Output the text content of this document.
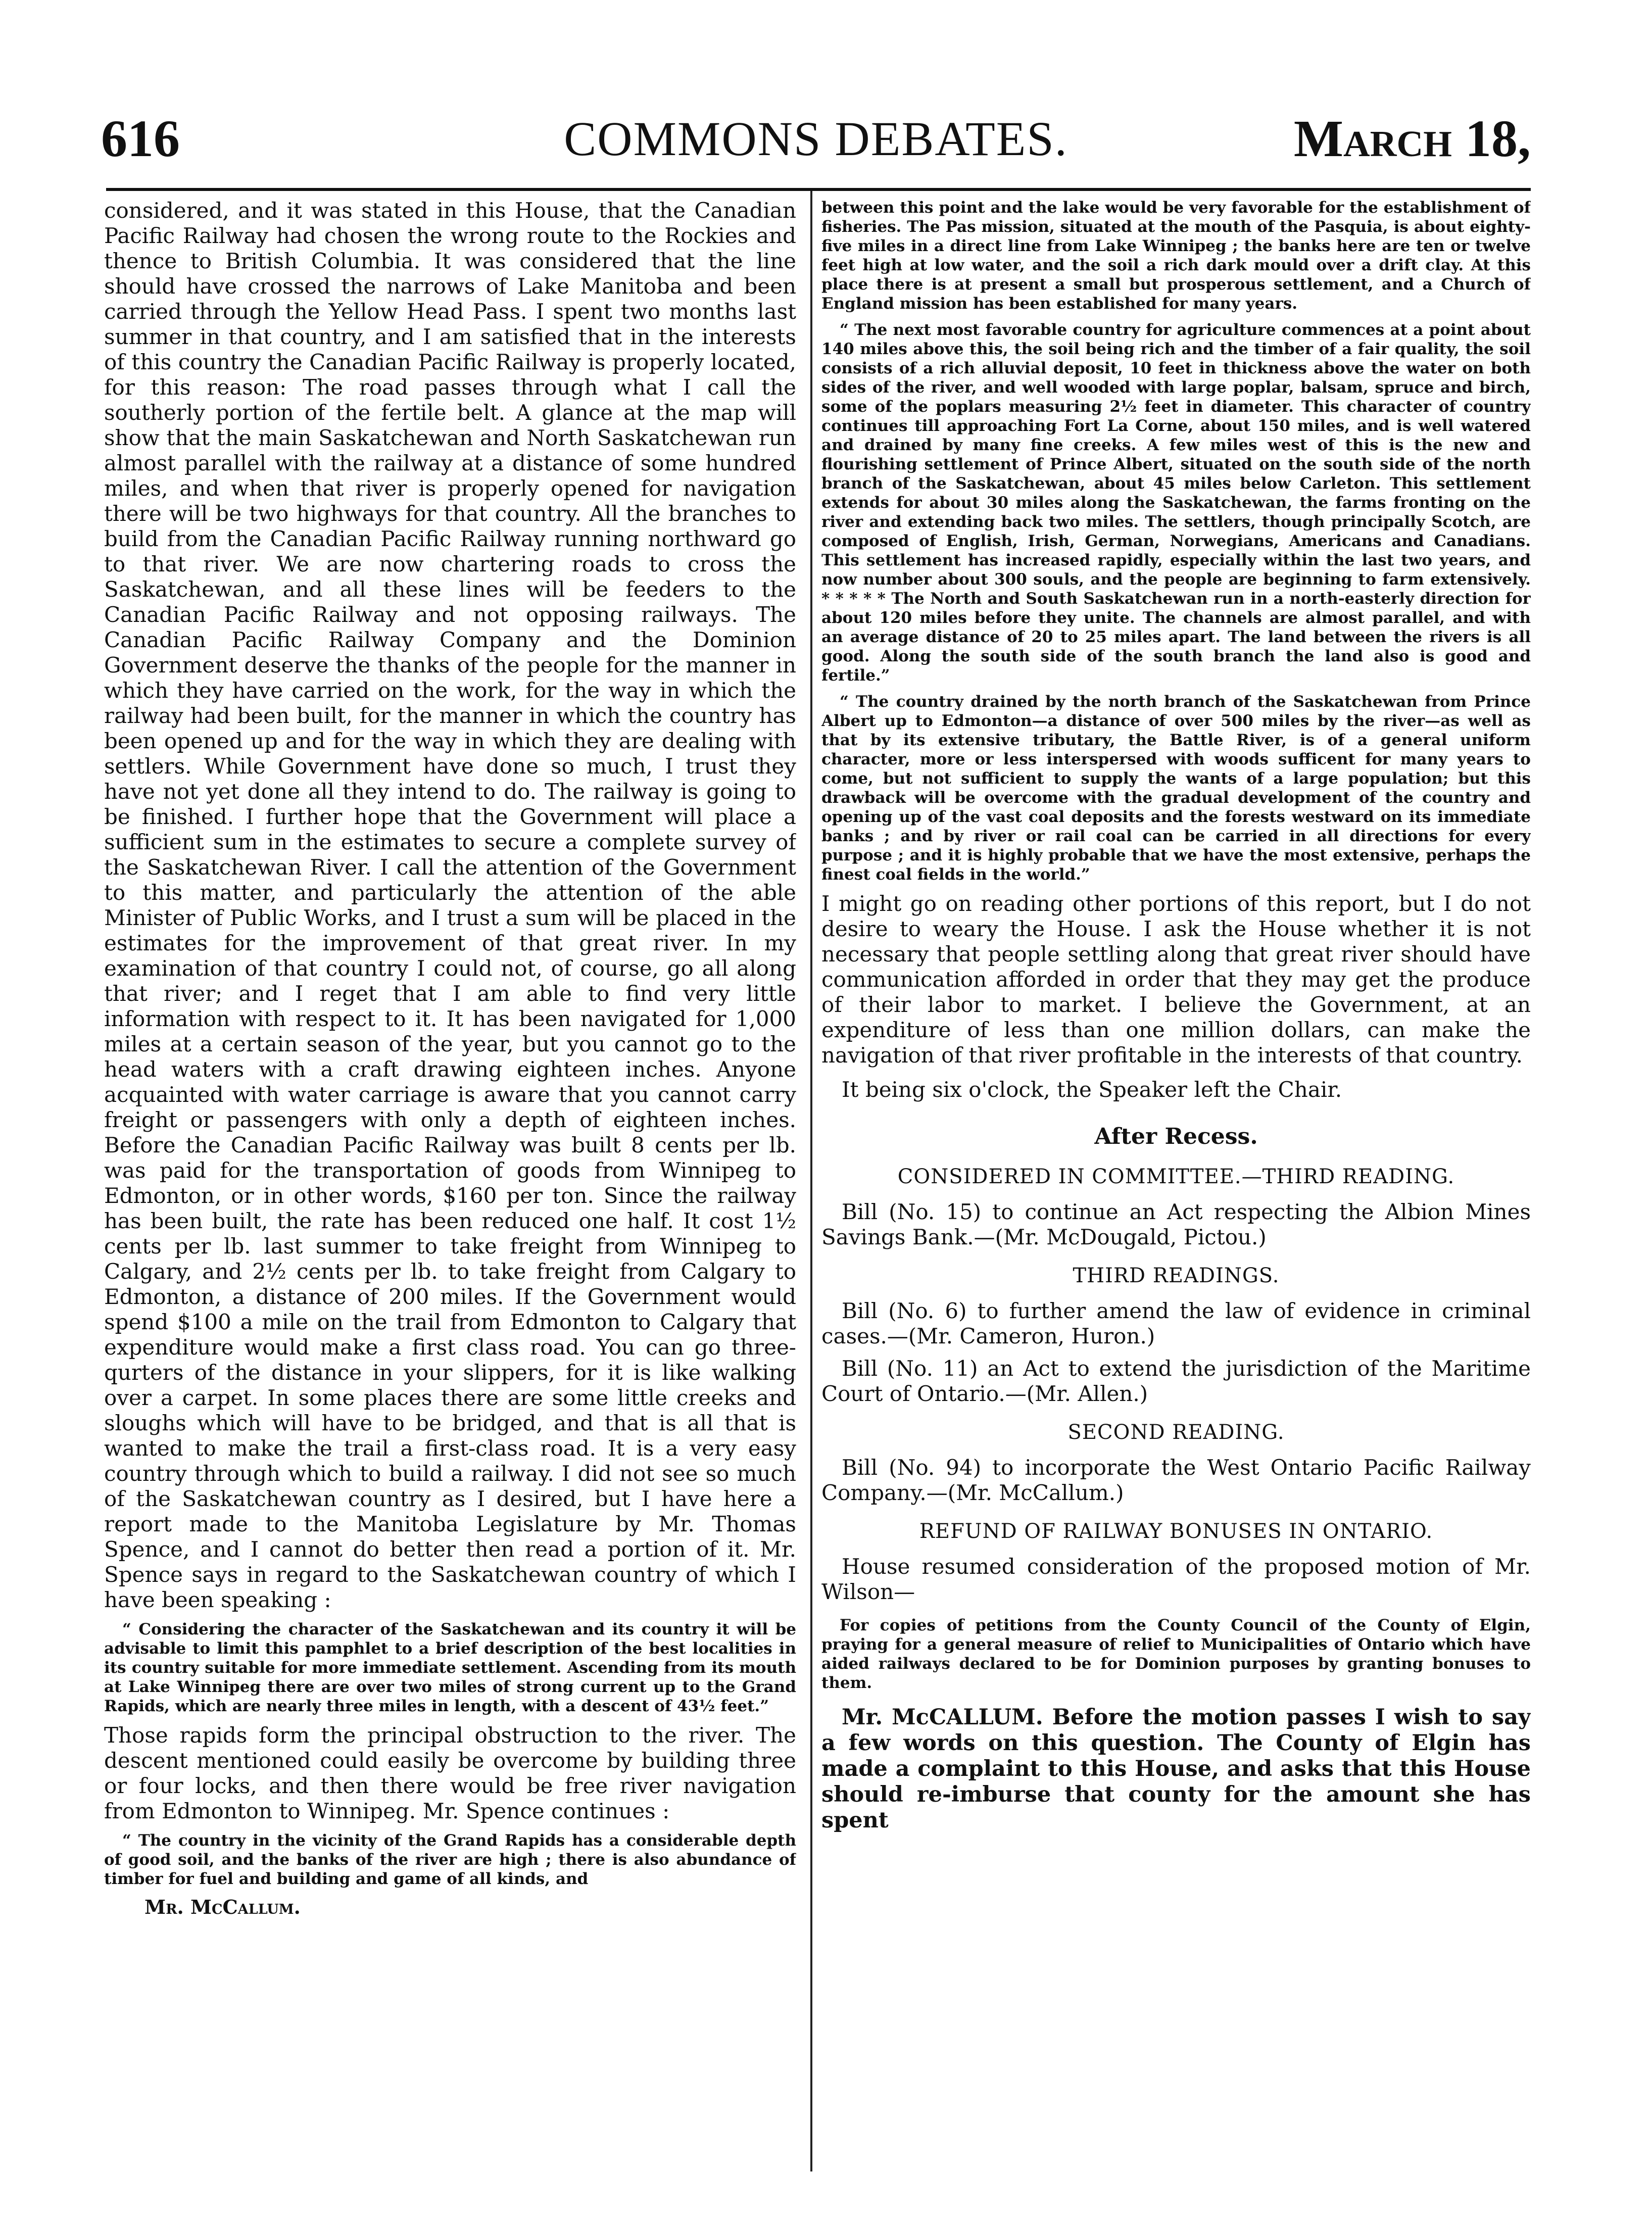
616	COMMONS DEBATES.	March 18,

considered, and it was stated in this House, that the Canadian Pacific Railway had chosen the wrong route to the Rockies and thence to British Columbia. It was considered that the line should have crossed the narrows of Lake Manitoba and been carried through the Yellow Head Pass. I spent two months last summer in that country, and I am satisfied that in the interests of this country the Canadian Pacific Railway is properly located, for this reason: The road passes through what I call the southerly portion of the fertile belt. A glance at the map will show that the main Saskatchewan and North Saskatchewan run almost parallel with the railway at a distance of some hundred miles, and when that river is properly opened for navigation there will be two highways for that country. All the branches to build from the Canadian Pacific Railway running northward go to that river. We are now chartering roads to cross the Saskatchewan, and all these lines will be feeders to the Canadian Pacific Railway and not opposing railways. The Canadian Pacific Railway Company and the Dominion Government deserve the thanks of the people for the manner in which they have carried on the work, for the way in which the railway had been built, for the manner in which the country has been opened up and for the way in which they are dealing with settlers. While Government have done so much, I trust they have not yet done all they intend to do. The railway is going to be finished. I further hope that the Government will place a sufficient sum in the estimates to secure a complete survey of the Saskatchewan River. I call the attention of the Government to this matter, and particularly the attention of the able Minister of Public Works, and I trust a sum will be placed in the estimates for the improvement of that great river. In my examination of that country I could not, of course, go all along that river; and I reget that I am able to find very little information with respect to it. It has been navigated for 1,000 miles at a certain season of the year, but you cannot go to the head waters with a craft drawing eighteen inches. Anyone acquainted with water carriage is aware that you cannot carry freight or passengers with only a depth of eighteen inches. Before the Canadian Pacific Railway was built 8 cents per lb. was paid for the transportation of goods from Winnipeg to Edmonton, or in other words, $160 per ton. Since the railway has been built, the rate has been reduced one half. It cost 1½ cents per lb. last summer to take freight from Winnipeg to Calgary, and 2½ cents per lb. to take freight from Calgary to Edmonton, a distance of 200 miles. If the Government would spend $100 a mile on the trail from Edmonton to Calgary that expenditure would make a first class road. You can go three-qurters of the distance in your slippers, for it is like walking over a carpet. In some places there are some little creeks and sloughs which will have to be bridged, and that is all that is wanted to make the trail a first-class road. It is a very easy country through which to build a railway. I did not see so much of the Saskatchewan country as I desired, but I have here a report made to the Manitoba Legislature by Mr. Thomas Spence, and I cannot do better then read a portion of it. Mr. Spence says in regard to the Saskatchewan country of which I have been speaking :

“ Considering the character of the Saskatchewan and its country it will be advisable to limit this pamphlet to a brief description of the best localities in its country suitable for more immediate settlement. Ascending from its mouth at Lake Winnipeg there are over two miles of strong current up to the Grand Rapids, which are nearly three miles in length, with a descent of 43½ feet.”

Those rapids form the principal obstruction to the river. The descent mentioned could easily be overcome by building three or four locks, and then there would be free river navigation from Edmonton to Winnipeg. Mr. Spence continues :

“ The country in the vicinity of the Grand Rapids has a considerable depth of good soil, and the banks of the river are high ; there is also abundance of timber for fuel and building and game of all kinds, and

Mr. McCallum.

between this point and the lake would be very favorable for the establishment of fisheries. The Pas mission, situated at the mouth of the Pasquia, is about eighty-five miles in a direct line from Lake Winnipeg ; the banks here are ten or twelve feet high at low water, and the soil a rich dark mould over a drift clay. At this place there is at present a small but prosperous settlement, and a Church of England mission has been established for many years.

“ The next most favorable country for agriculture commences at a point about 140 miles above this, the soil being rich and the timber of a fair quality, the soil consists of a rich alluvial deposit, 10 feet in thickness above the water on both sides of the river, and well wooded with large poplar, balsam, spruce and birch, some of the poplars measuring 2½ feet in diameter. This character of country continues till approaching Fort La Corne, about 150 miles, and is well watered and drained by many fine creeks. A few miles west of this is the new and flourishing settlement of Prince Albert, situated on the south side of the north branch of the Saskatchewan, about 45 miles below Carleton. This settlement extends for about 30 miles along the Saskatchewan, the farms fronting on the river and extending back two miles. The settlers, though principally Scotch, are composed of English, Irish, German, Norwegians, Americans and Canadians. This settlement has increased rapidly, especially within the last two years, and now number about 300 souls, and the people are beginning to farm extensively. * * * * * The North and South Saskatchewan run in a north-easterly direction for about 120 miles before they unite. The channels are almost parallel, and with an average distance of 20 to 25 miles apart. The land between the rivers is all good. Along the south side of the south branch the land also is good and fertile.”

“ The country drained by the north branch of the Saskatchewan from Prince Albert up to Edmonton—a distance of over 500 miles by the river—as well as that by its extensive tributary, the Battle River, is of a general uniform character, more or less interspersed with woods sufficent for many years to come, but not sufficient to supply the wants of a large population; but this drawback will be overcome with the gradual development of the country and opening up of the vast coal deposits and the forests westward on its immediate banks ; and by river or rail coal can be carried in all directions for every purpose ; and it is highly probable that we have the most extensive, perhaps the finest coal fields in the world.”

I might go on reading other portions of this report, but I do not desire to weary the House. I ask the House whether it is not necessary that people settling along that great river should have communication afforded in order that they may get the produce of their labor to market. I believe the Government, at an expenditure of less than one million dollars, can make the navigation of that river profitable in the interests of that country.

It being six o'clock, the Speaker left the Chair.

After Recess.
CONSIDERED IN COMMITTEE.—THIRD READING.

Bill (No. 15) to continue an Act respecting the Albion Mines Savings Bank.—(Mr. McDougald, Pictou.)

THIRD READINGS.

Bill (No. 6) to further amend the law of evidence in criminal cases.—(Mr. Cameron, Huron.)

Bill (No. 11) an Act to extend the jurisdiction of the Maritime Court of Ontario.—(Mr. Allen.)

SECOND READING.

Bill (No. 94) to incorporate the West Ontario Pacific Railway Company.—(Mr. McCallum.)

REFUND OF RAILWAY BONUSES IN ONTARIO.

House resumed consideration of the proposed motion of Mr. Wilson—

For copies of petitions from the County Council of the County of Elgin, praying for a general measure of relief to Municipalities of Ontario which have aided railways declared to be for Dominion purposes by granting bonuses to them.

Mr. McCALLUM. Before the motion passes I wish to say a few words on this question. The County of Elgin has made a complaint to this House, and asks that this House should re-imburse that county for the amount she has spent
